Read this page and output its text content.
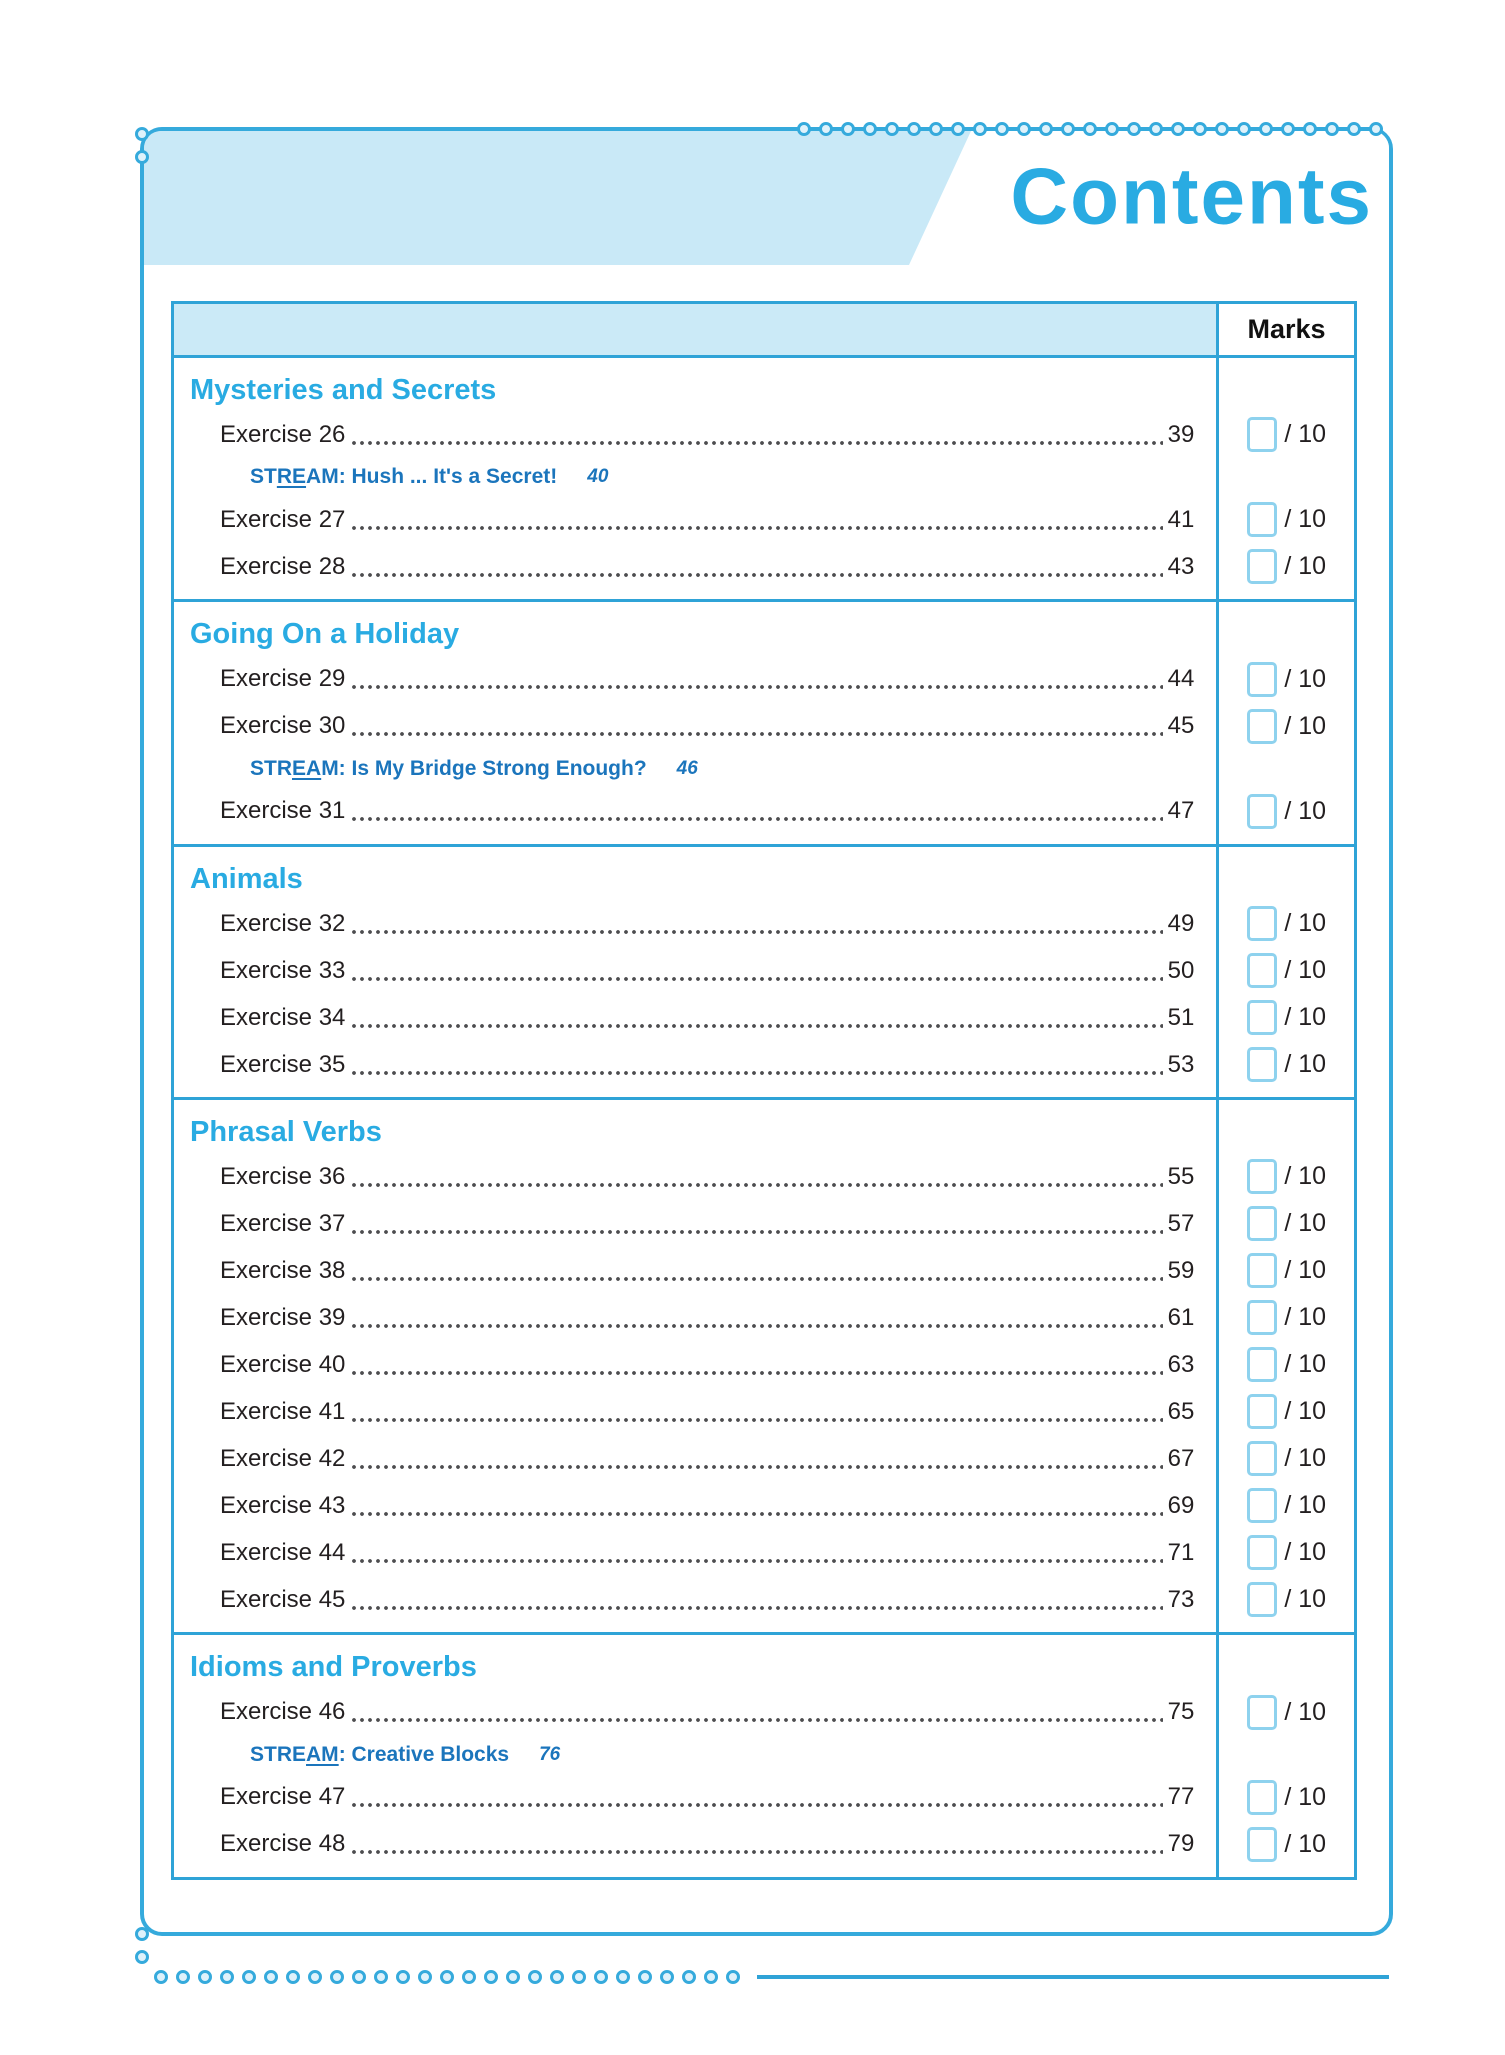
Contents
Marks
Mysteries and Secrets
Exercise 26	39	/ 10
STREAM: Hush ... It's a Secret! 40
Exercise 27	41	/ 10
Exercise 28	43	/ 10
Going On a Holiday
Exercise 29	44	/ 10
Exercise 30	45	/ 10
STREAM: Is My Bridge Strong Enough? 46
Exercise 31	47	/ 10
Animals
Exercise 32	49	/ 10
Exercise 33	50	/ 10
Exercise 34	51	/ 10
Exercise 35	53	/ 10
Phrasal Verbs
Exercise 36	55	/ 10
Exercise 37	57	/ 10
Exercise 38	59	/ 10
Exercise 39	61	/ 10
Exercise 40	63	/ 10
Exercise 41	65	/ 10
Exercise 42	67	/ 10
Exercise 43	69	/ 10
Exercise 44	71	/ 10
Exercise 45	73	/ 10
Idioms and Proverbs
Exercise 46	75	/ 10
STREAM: Creative Blocks 76
Exercise 47	77	/ 10
Exercise 48	79	/ 10
